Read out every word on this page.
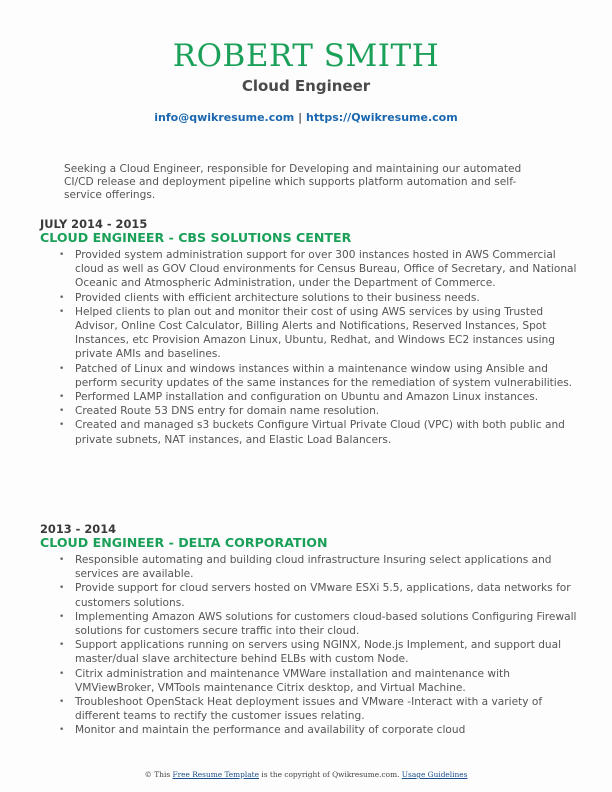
ROBERT SMITH
Cloud Engineer
info@qwikresume.com | https://Qwikresume.com
Seeking a Cloud Engineer, responsible for Developing and maintaining our automated CI/CD release and deployment pipeline which supports platform automation and self-service offerings.
JULY 2014 - 2015
CLOUD ENGINEER - CBS SOLUTIONS CENTER
• Provided system administration support for over 300 instances hosted in AWS Commercial cloud as well as GOV Cloud environments for Census Bureau, Office of Secretary, and National Oceanic and Atmospheric Administration, under the Department of Commerce.
• Provided clients with efficient architecture solutions to their business needs.
• Helped clients to plan out and monitor their cost of using AWS services by using Trusted Advisor, Online Cost Calculator, Billing Alerts and Notifications, Reserved Instances, Spot Instances, etc Provision Amazon Linux, Ubuntu, Redhat, and Windows EC2 instances using private AMIs and baselines.
• Patched of Linux and windows instances within a maintenance window using Ansible and perform security updates of the same instances for the remediation of system vulnerabilities.
• Performed LAMP installation and configuration on Ubuntu and Amazon Linux instances.
• Created Route 53 DNS entry for domain name resolution.
• Created and managed s3 buckets Configure Virtual Private Cloud (VPC) with both public and private subnets, NAT instances, and Elastic Load Balancers.
2013 - 2014
CLOUD ENGINEER - DELTA CORPORATION
• Responsible automating and building cloud infrastructure Insuring select applications and services are available.
• Provide support for cloud servers hosted on VMware ESXi 5.5, applications, data networks for customers solutions.
• Implementing Amazon AWS solutions for customers cloud-based solutions Configuring Firewall solutions for customers secure traffic into their cloud.
• Support applications running on servers using NGINX, Node.js Implement, and support dual master/dual slave architecture behind ELBs with custom Node.
• Citrix administration and maintenance VMWare installation and maintenance with VMViewBroker, VMTools maintenance Citrix desktop, and Virtual Machine.
• Troubleshoot OpenStack Heat deployment issues and VMware -Interact with a variety of different teams to rectify the customer issues relating.
• Monitor and maintain the performance and availability of corporate cloud
© This Free Resume Template is the copyright of Qwikresume.com. Usage Guidelines
